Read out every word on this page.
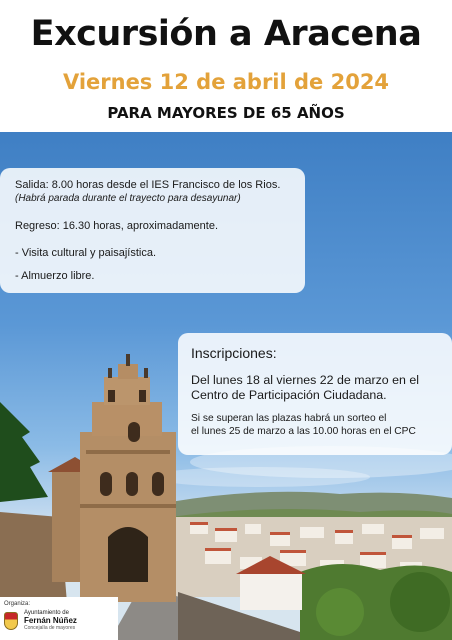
Excursión a Aracena
Viernes 12 de abril de 2024
PARA MAYORES DE 65 AÑOS
Salida: 8.00 horas desde el IES Francisco de los Rios.
(Habrá parada durante el trayecto para desayunar)
Regreso: 16.30 horas, aproximadamente.
- Visita cultural y paisajística.
- Almuerzo libre.
Inscripciones:
Del lunes 18 al viernes 22 de marzo en el
Centro de Participación Ciudadana.
Si se superan las plazas habrá un sorteo el
el lunes 25 de marzo a las 10.00 horas en el CPC
Organiza:
Ayuntamiento de
Fernán Núñez
Concejalía de mayores
